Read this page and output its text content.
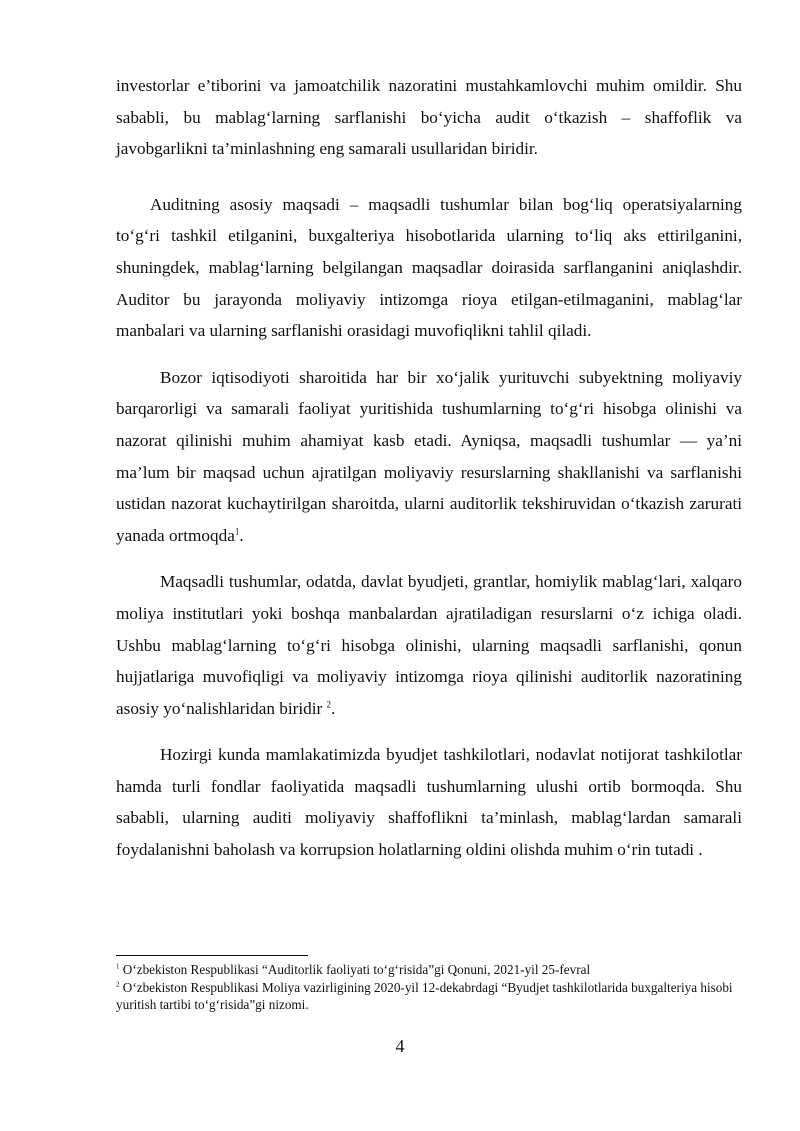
investorlar e’tiborini va jamoatchilik nazoratini mustahkamlovchi muhim omildir. Shu sababli, bu mablag‘larning sarflanishi bo‘yicha audit o‘tkazish – shaffoflik va javobgarlikni ta’minlashning eng samarali usullaridan biridir.

Auditning asosiy maqsadi – maqsadli tushumlar bilan bog‘liq operatsiyalarning to‘g‘ri tashkil etilganini, buxgalteriya hisobotlarida ularning to‘liq aks ettirilganini, shuningdek, mablag‘larning belgilangan maqsadlar doirasida sarflanganini aniqlashdir. Auditor bu jarayonda moliyaviy intizomga rioya etilgan-etilmaganini, mablag‘lar manbalari va ularning sarflanishi orasidagi muvofiqlikni tahlil qiladi.

Bozor iqtisodiyoti sharoitida har bir xo‘jalik yurituvchi subyektning moliyaviy barqarorligi va samarali faoliyat yuritishida tushumlarning to‘g‘ri hisobga olinishi va nazorat qilinishi muhim ahamiyat kasb etadi. Ayniqsa, maqsadli tushumlar — ya’ni ma’lum bir maqsad uchun ajratilgan moliyaviy resurslarning shakllanishi va sarflanishi ustidan nazorat kuchaytirilgan sharoitda, ularni auditorlik tekshiruvidan o‘tkazish zarurati yanada ortmoqda$^1$.

Maqsadli tushumlar, odatda, davlat byudjeti, grantlar, homiylik mablag‘lari, xalqaro moliya institutlari yoki boshqa manbalardan ajratiladigan resurslarni o‘z ichiga oladi. Ushbu mablag‘larning to‘g‘ri hisobga olinishi, ularning maqsadli sarflanishi, qonun hujjatlariga muvofiqligi va moliyaviy intizomga rioya qilinishi auditorlik nazoratining asosiy yo‘nalishlaridan biridir $^2$.

Hozirgi kunda mamlakatimizda byudjet tashkilotlari, nodavlat notijorat tashkilotlar hamda turli fondlar faoliyatida maqsadli tushumlarning ulushi ortib bormoqda. Shu sababli, ularning auditi moliyaviy shaffoflikni ta’minlash, mablag‘lardan samarali foydalanishni baholash va korrupsion holatlarning oldini olishda muhim o‘rin tutadi .

$^1$ O‘zbekiston Respublikasi “Auditorlik faoliyati to‘g‘risida”gi Qonuni, 2021-yil 25-fevral

$^2$ O‘zbekiston Respublikasi Moliya vazirligining 2020-yil 12-dekabrdagi “Byudjet tashkilotlarida buxgalteriya hisobi yuritish tartibi to‘g‘risida”gi nizomi.

4
